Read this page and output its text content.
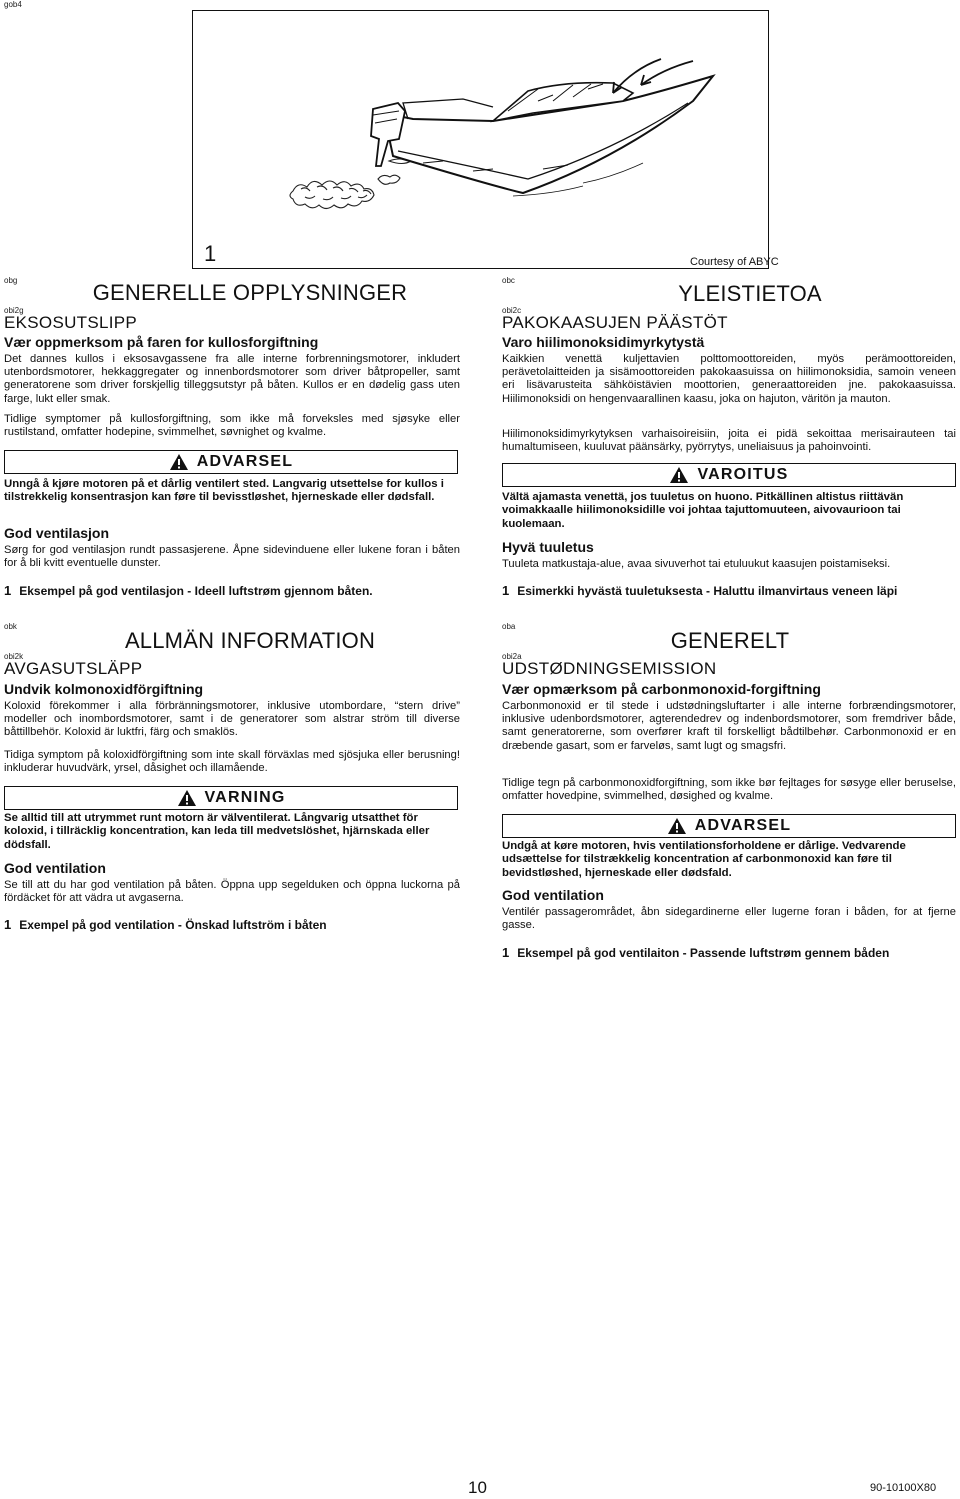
gob4
1	Courtesy of ABYC
obg	GENERELLE OPPLYSNINGER
obi2g
EKSOSUTSLIPP
Vær oppmerksom på faren for kullosforgiftning
Det dannes kullos i eksosavgassene fra alle interne forbrenningsmotorer, inkludert utenbordsmotorer, hekkaggregater og innenbordsmotorer som driver båtpropeller, samt generatorene som driver forskjellig tilleggsutstyr på båten. Kullos er en dødelig gass uten farge, lukt eller smak.
Tidlige symptomer på kullosforgiftning, som ikke må forveksles med sjøsyke eller rustilstand, omfatter hodepine, svimmelhet, søvnighet og kvalme.
ADVARSEL
Unngå å kjøre motoren på et dårlig ventilert sted. Langvarig utsettelse for kullos i tilstrekkelig konsentrasjon kan føre til bevisstløshet, hjerneskade eller dødsfall.
God ventilasjon
Sørg for god ventilasjon rundt passasjerene. Åpne sidevinduene eller lukene foran i båten for å bli kvitt eventuelle dunster.
1 Eksempel på god ventilasjon - Ideell luftstrøm gjennom båten.
obc
YLEISTIETOA
obi2c
PAKOKAASUJEN PÄÄSTÖT
Varo hiilimonoksidimyrkytystä
Kaikkien venettä kuljettavien polttomoottoreiden, myös perämoottoreiden, perävetolaitteiden ja sisämoottoreiden pakokaasuissa on hiilimonoksidia, samoin veneen eri lisävarusteita sähköistävien moottorien, generaattoreiden jne. pakokaasuissa. Hiilimonoksidi on hengenvaarallinen kaasu, joka on hajuton, väritön ja mauton.
Hiilimonoksidimyrkytyksen varhaisoireisiin, joita ei pidä sekoittaa merisairauteen tai humaltumiseen, kuuluvat päänsärky, pyörrytys, uneliaisuus ja pahoinvointi.
VAROITUS
Vältä ajamasta venettä, jos tuuletus on huono. Pitkällinen altistus riittävän voimakkaalle hiilimonoksidille voi johtaa tajuttomuuteen, aivovaurioon tai kuolemaan.
Hyvä tuuletus
Tuuleta matkustaja-alue, avaa sivuverhot tai etuluukut kaasujen poistamiseksi.
1 Esimerkki hyvästä tuuletuksesta - Haluttu ilmanvirtaus veneen läpi
obk
ALLMÄN INFORMATION
obi2k
AVGASUTSLÄPP
Undvik kolmonoxidförgiftning
Koloxid förekommer i alla förbränningsmotorer, inklusive utombordare, “stern drive” modeller och inombordsmotorer, samt i de generatorer som alstrar ström till diverse båttillbehör. Koloxid är luktfri, färg och smaklös.
Tidiga symptom på koloxidförgiftning som inte skall förväxlas med sjösjuka eller berusning! inkluderar huvudvärk, yrsel, dåsighet och illamående.
VARNING
Se alltid till att utrymmet runt motorn är välventilerat. Långvarig utsatthet för koloxid, i tillräcklig koncentration, kan leda till medvetslöshet, hjärnskada eller dödsfall.
God ventilation
Se till att du har god ventilation på båten. Öppna upp segelduken och öppna luckorna på fördäcket för att vädra ut avgaserna.
1 Exempel på god ventilation - Önskad luftström i båten
oba
GENERELT
obi2a
UDSTØDNINGSEMISSION
Vær opmærksom på carbonmonoxid-forgiftning
Carbonmonoxid er til stede i udstødningsluftarter i alle interne forbrændingsmotorer, inklusive udenbordsmotorer, agterendedrev og indenbordsmotorer, som fremdriver både, samt generatorerne, som overfører kraft til forskelligt bådtilbehør. Carbonmonoxid er en dræbende gasart, som er farveløs, samt lugt og smagsfri.
Tidlige tegn på carbonmonoxidforgiftning, som ikke bør fejltages for søsyge eller beruselse, omfatter hovedpine, svimmelhed, døsighed og kvalme.
ADVARSEL
Undgå at køre motoren, hvis ventilationsforholdene er dårlige. Vedvarende udsættelse for tilstrækkelig koncentration af carbonmonoxid kan føre til bevidstløshed, hjerneskade eller dødsfald.
God ventilation
Ventilér passagerområdet, åbn sidegardinerne eller lugerne foran i båden, for at fjerne gasse.
1 Eksempel på god ventilaiton - Passende luftstrøm gennem båden
10	90-10100X80
